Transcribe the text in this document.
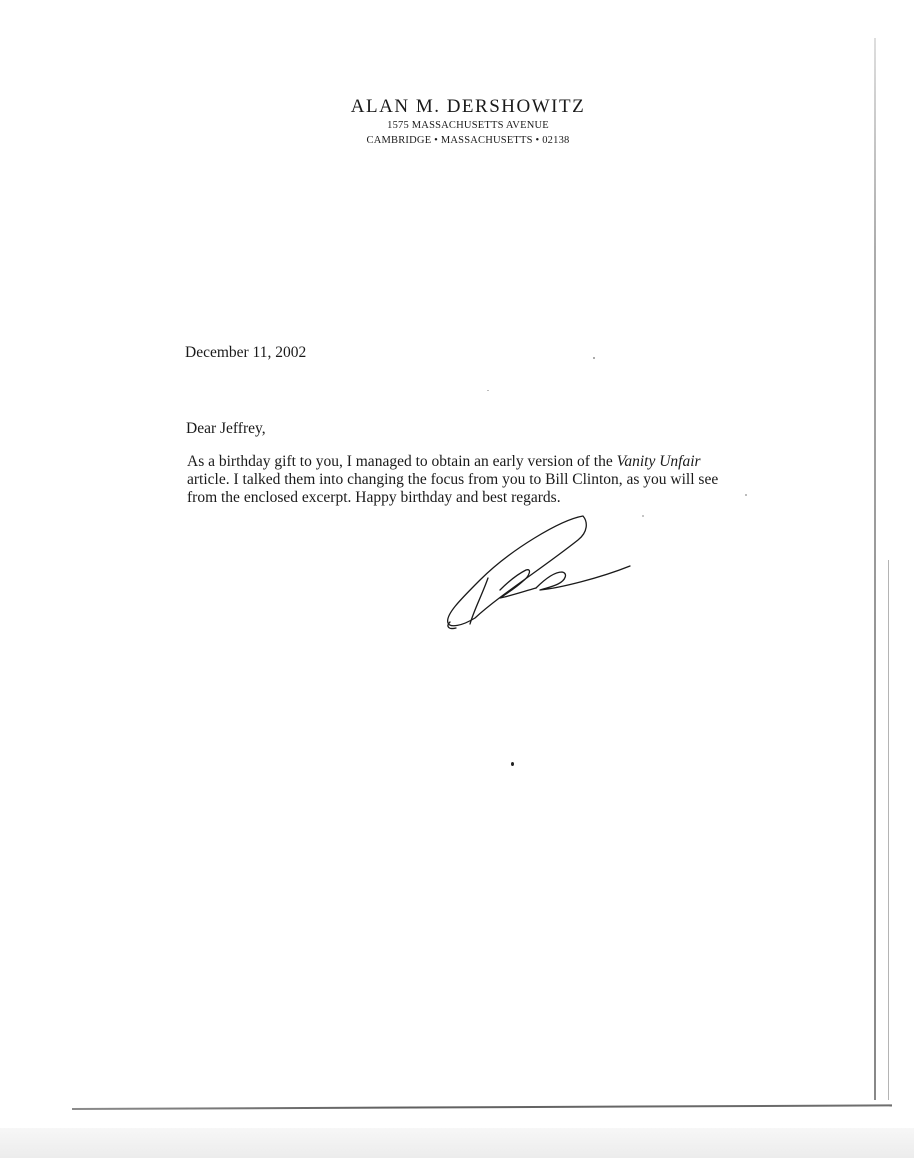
ALAN M. DERSHOWITZ
1575 MASSACHUSETTS AVENUE
CAMBRIDGE • MASSACHUSETTS • 02138
December 11, 2002
Dear Jeffrey,
As a birthday gift to you, I managed to obtain an early version of the Vanity Unfair
article. I talked them into changing the focus from you to Bill Clinton, as you will see
from the enclosed excerpt. Happy birthday and best regards.
